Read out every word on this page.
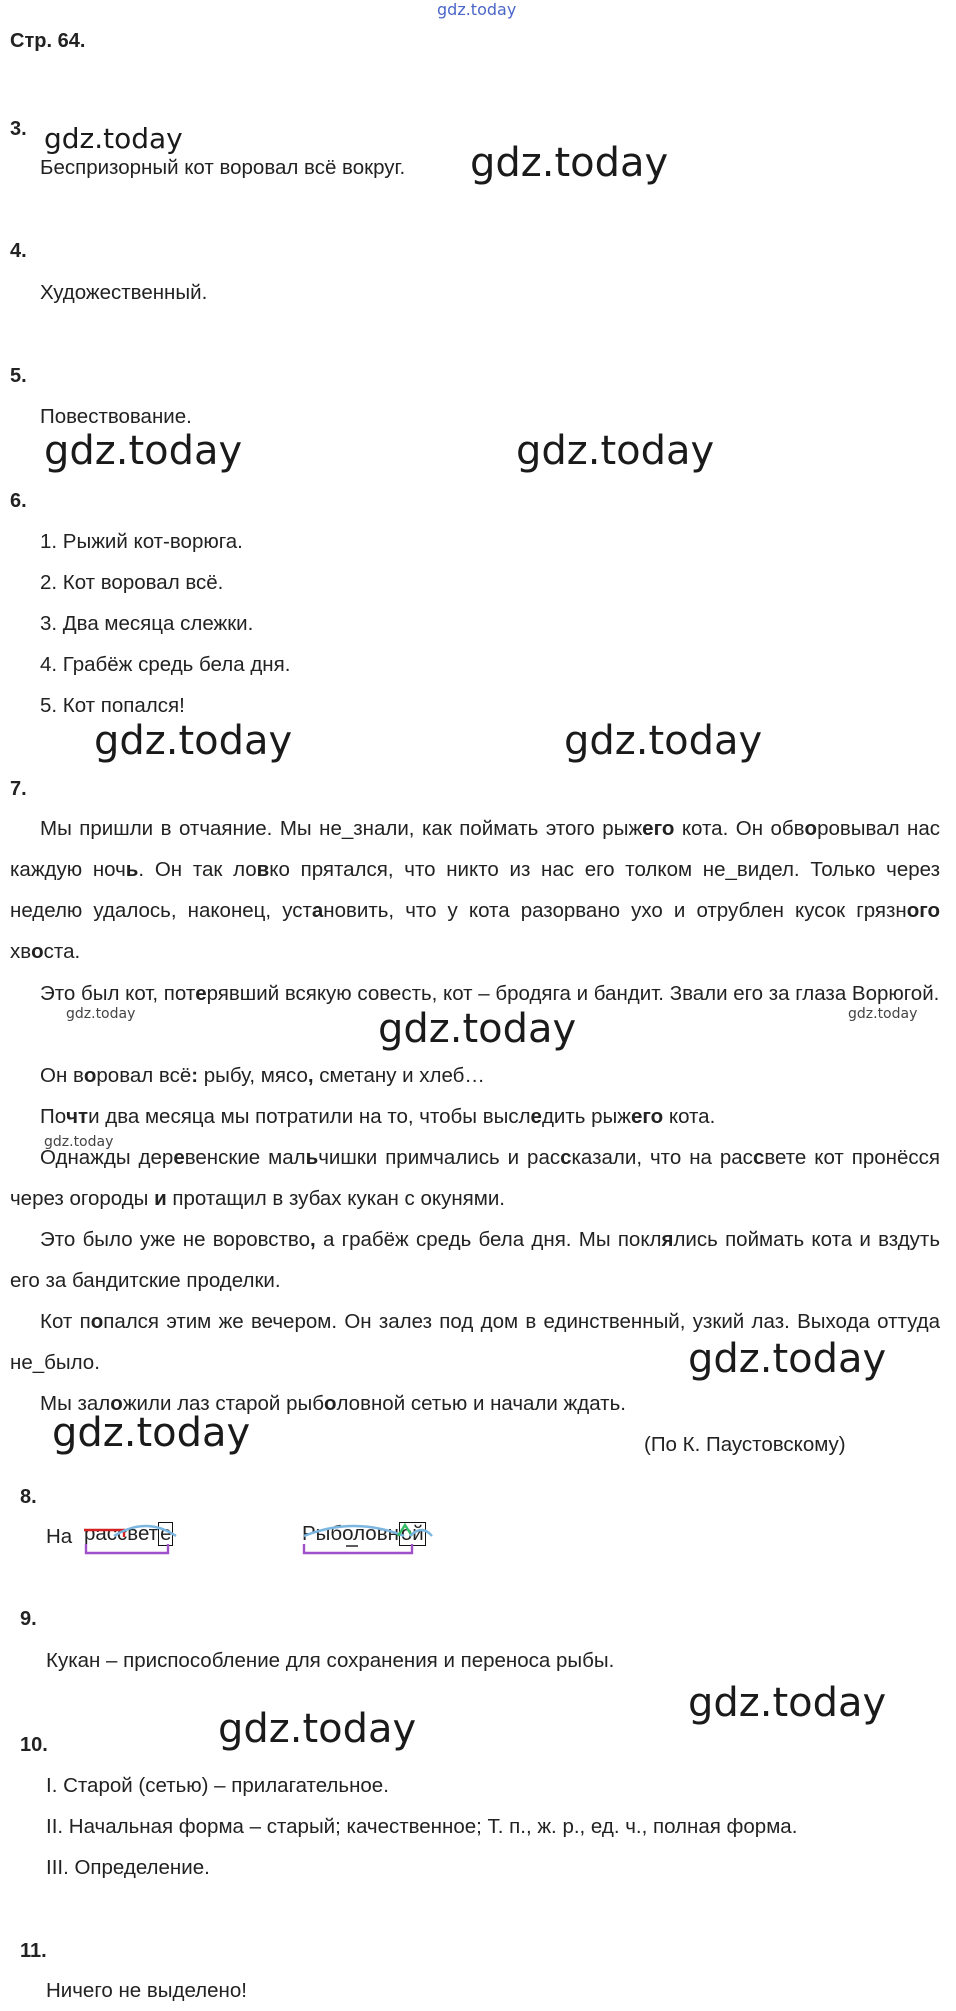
gdz.today
Стр. 64.
3.
Беспризорный кот воровал всё вокруг.
4.
Художественный.
5.
Повествование.
6.
1. Рыжий кот-ворюга.
2. Кот воровал всё.
3. Два месяца слежки.
4. Грабёж средь бела дня.
5. Кот попался!
7.
Мы пришли в отчаяние. Мы не_знали, как поймать этого рыжего кота. Он обворовывал нас каждую ночь. Он так ловко прятался, что никто из нас его толком не_видел. Только через неделю удалось, наконец, установить, что у кота разорвано ухо и отрублен кусок грязного хвоста.
Это был кот, потерявший всякую совесть, кот – бродяга и бандит. Звали его за глаза Ворюгой.
Он воровал всё: рыбу, мясо, сметану и хлеб…
Почти два месяца мы потратили на то, чтобы выследить рыжего кота.
Однажды деревенские мальчишки примчались и рассказали, что на рассвете кот пронёсся через огороды и протащил в зубах кукан с окунями.
Это было уже не воровство, а грабёж средь бела дня. Мы поклялись поймать кота и вздуть его за бандитские проделки.
Кот попался этим же вечером. Он залез под дом в единственный, узкий лаз. Выхода оттуда не_было.
Мы заложили лаз старой рыболовной сетью и начали ждать.
(По К. Паустовскому)
8.
На рассвете	Рыболовной
9.
Кукан – приспособление для сохранения и переноса рыбы.
10.
I. Старой (сетью) – прилагательное.
II. Начальная форма – старый; качественное; Т. п., ж. р., ед. ч., полная форма.
III. Определение.
11.
Ничего не выделено!
gdz.today
gdz.today
gdz.today	gdz.today
gdz.today	gdz.today
gdz.today	gdz.today	gdz.today
gdz.today
gdz.today
gdz.today
gdz.today
gdz.today
